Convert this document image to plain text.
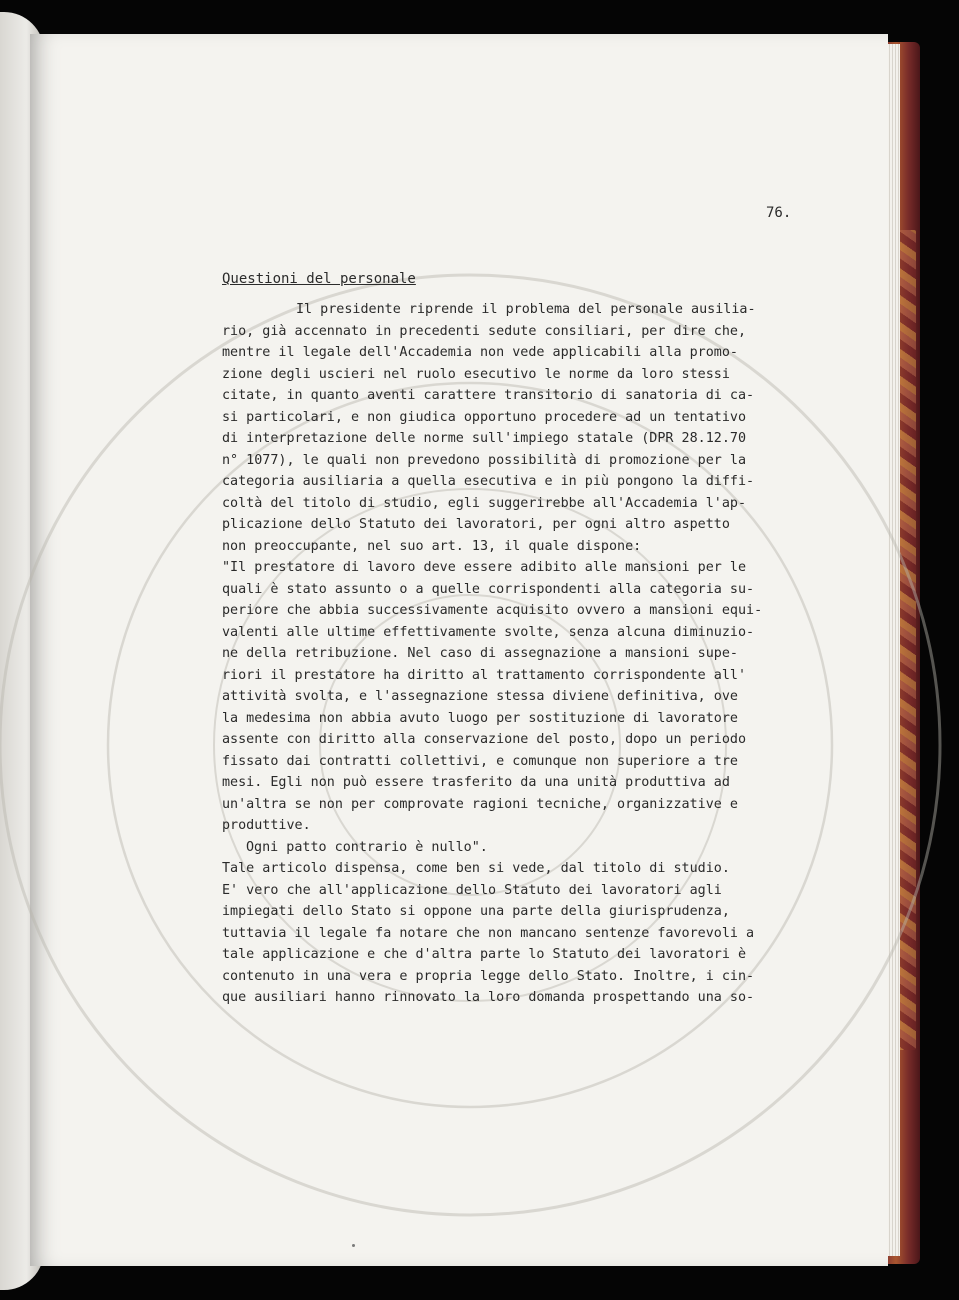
76.
Questioni del personale
Il presidente riprende il problema del personale ausilia-
rio, già accennato in precedenti sedute consiliari, per dire che,
mentre il legale dell'Accademia non vede applicabili alla promo-
zione degli uscieri nel ruolo esecutivo le norme da loro stessi
citate, in quanto aventi carattere transitorio di sanatoria di ca-
si particolari, e non giudica opportuno procedere ad un tentativo
di interpretazione delle norme sull'impiego statale (DPR 28.12.70
n° 1077), le quali non prevedono possibilità di promozione per la
categoria ausiliaria a quella esecutiva e in più pongono la diffi-
coltà del titolo di studio, egli suggerirebbe all'Accademia l'ap-
plicazione dello Statuto dei lavoratori, per ogni altro aspetto
non preoccupante, nel suo art. 13, il quale dispone:
"Il prestatore di lavoro deve essere adibito alle mansioni per le
quali è stato assunto o a quelle corrispondenti alla categoria su-
periore che abbia successivamente acquisito ovvero a mansioni equi-
valenti alle ultime effettivamente svolte, senza alcuna diminuzio-
ne della retribuzione. Nel caso di assegnazione a mansioni supe-
riori il prestatore ha diritto al trattamento corrispondente all'
attività svolta, e l'assegnazione stessa diviene definitiva, ove
la medesima non abbia avuto luogo per sostituzione di lavoratore
assente con diritto alla conservazione del posto, dopo un periodo
fissato dai contratti collettivi, e comunque non superiore a tre
mesi. Egli non può essere trasferito da una unità produttiva ad
un'altra se non per comprovate ragioni tecniche, organizzative e
produttive.
Ogni patto contrario è nullo".
Tale articolo dispensa, come ben si vede, dal titolo di studio.
E' vero che all'applicazione dello Statuto dei lavoratori agli
impiegati dello Stato si oppone una parte della giurisprudenza,
tuttavia il legale fa notare che non mancano sentenze favorevoli a
tale applicazione e che d'altra parte lo Statuto dei lavoratori è
contenuto in una vera e propria legge dello Stato. Inoltre, i cin-
que ausiliari hanno rinnovato la loro domanda prospettando una so-
